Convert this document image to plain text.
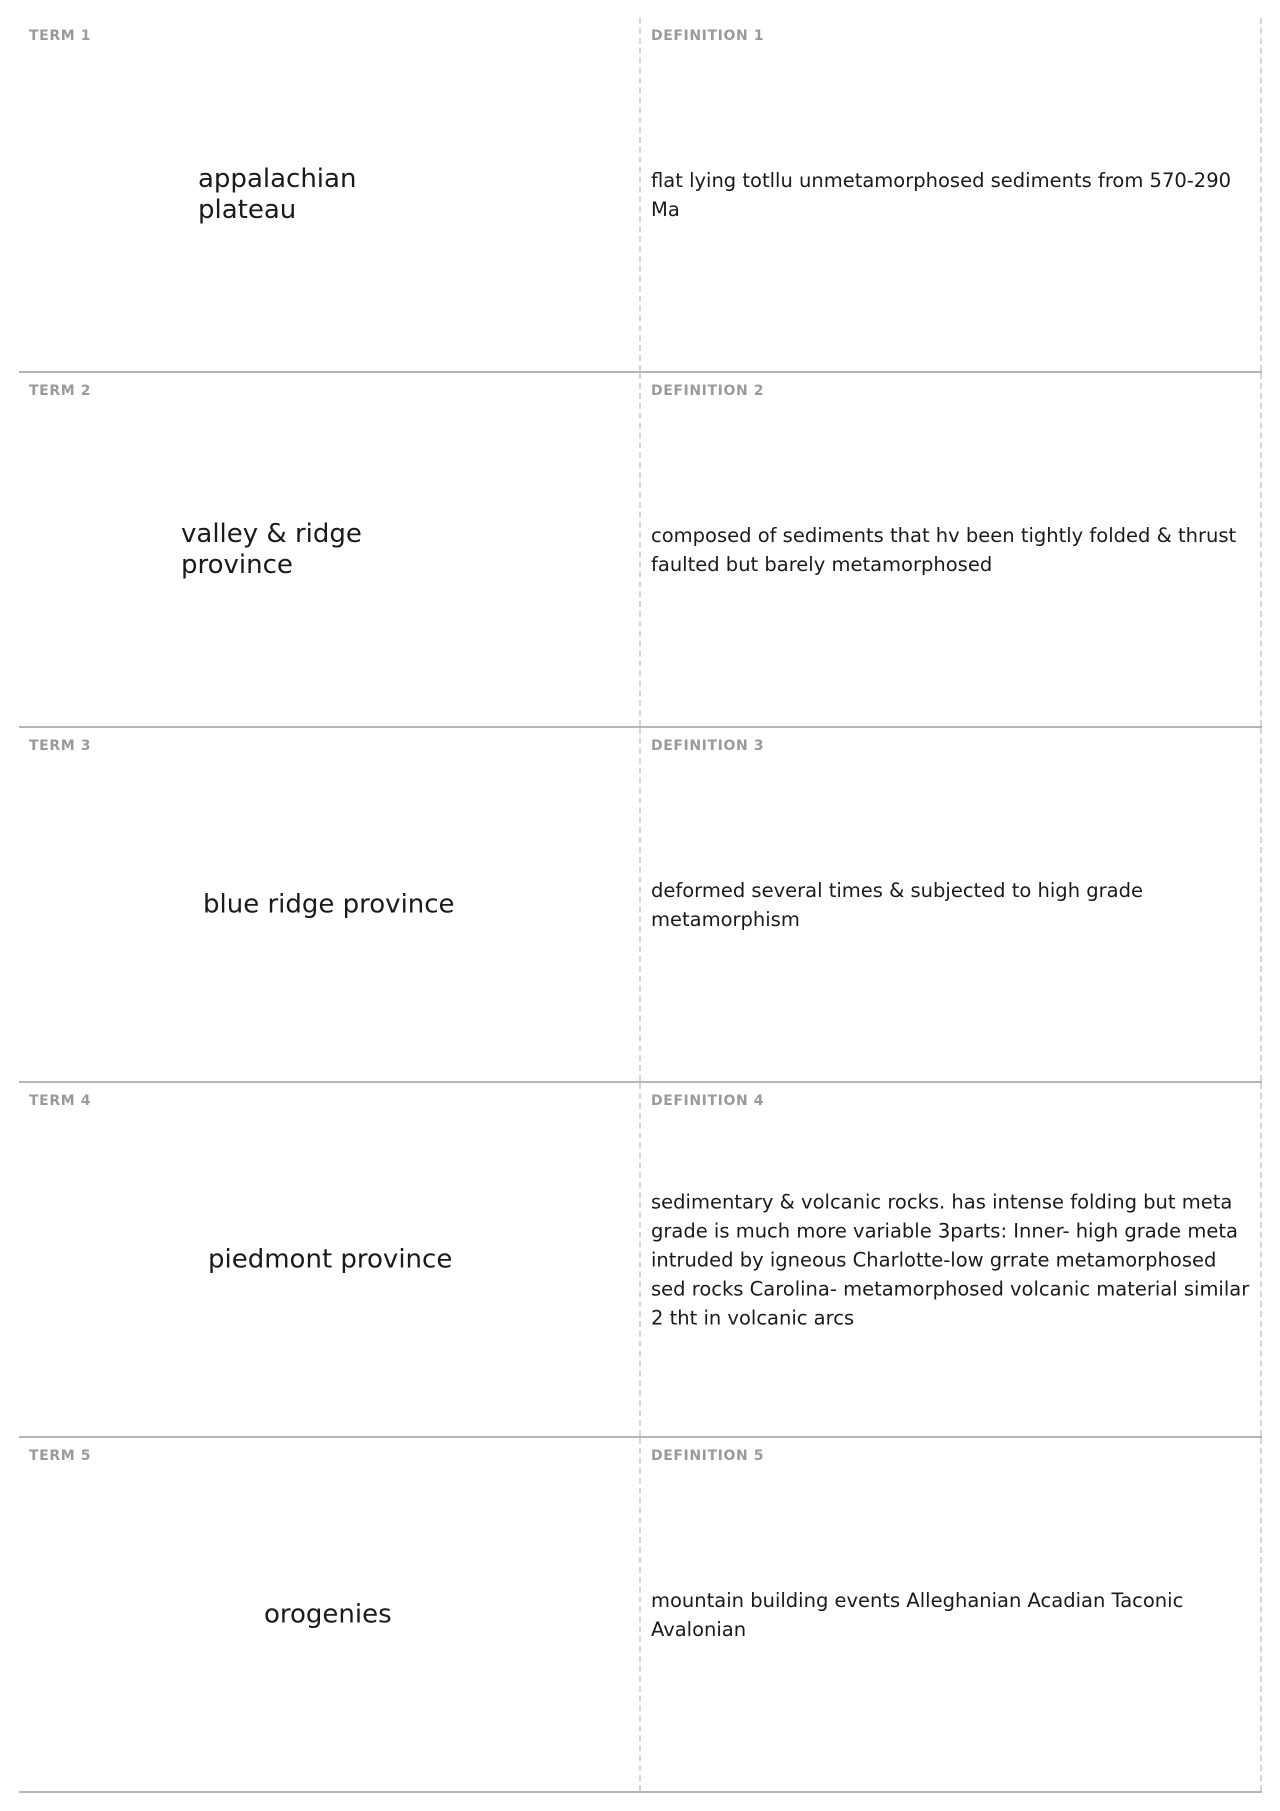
TERM 1
appalachian
plateau
DEFINITION 1
flat lying totllu unmetamorphosed sediments from 570-290 Ma
TERM 2
valley & ridge
province
DEFINITION 2
composed of sediments that hv been tightly folded & thrust faulted but barely metamorphosed
TERM 3
blue ridge province
DEFINITION 3
deformed several times & subjected to high grade metamorphism
TERM 4
piedmont province
DEFINITION 4
sedimentary & volcanic rocks. has intense folding but meta grade is much more variable 3parts: Inner- high grade meta intruded by igneous Charlotte-low grrate metamorphosed sed rocks Carolina- metamorphosed volcanic material similar 2 tht in volcanic arcs
TERM 5
orogenies
DEFINITION 5
mountain building events Alleghanian Acadian Taconic Avalonian
